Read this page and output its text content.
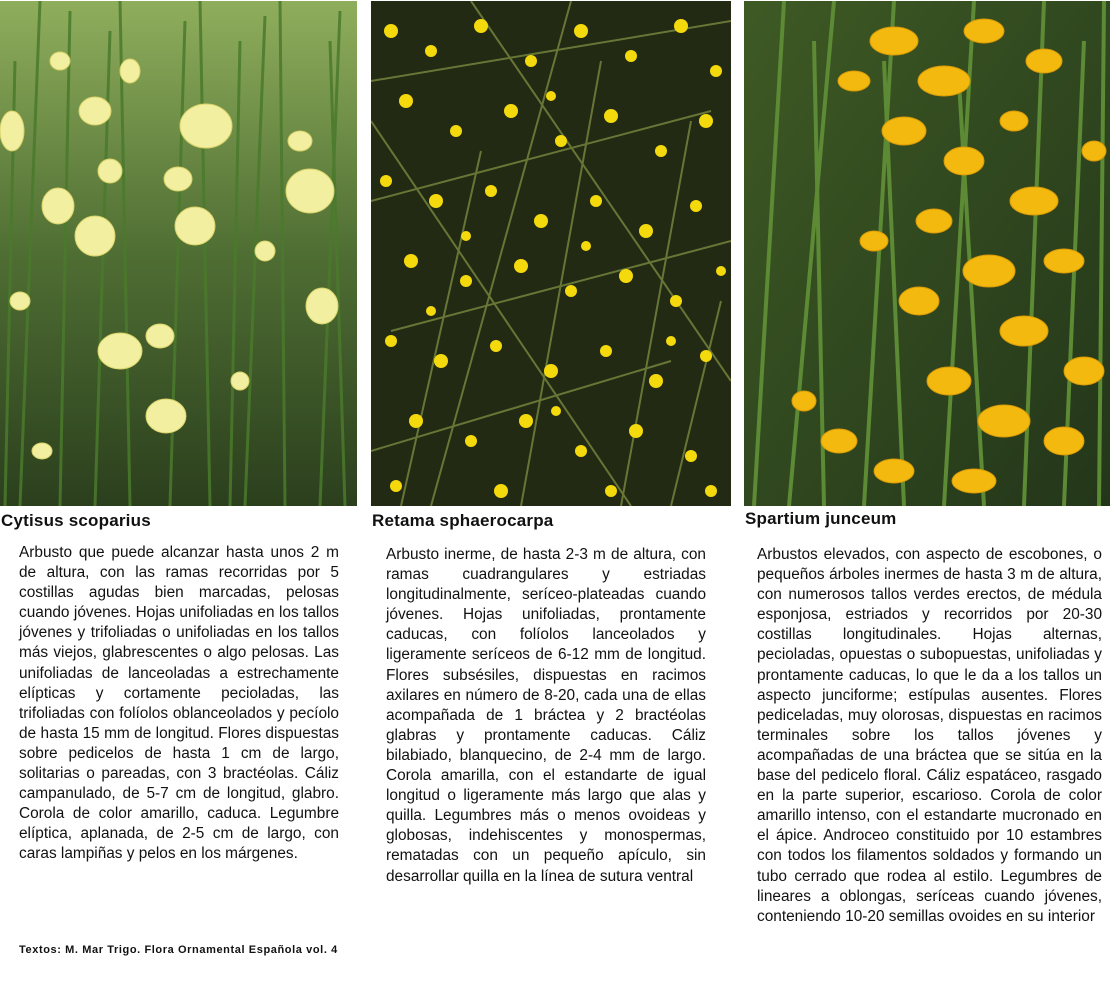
Cytisus scoparius

Arbusto que puede alcanzar hasta unos 2 m de altura, con las ramas recorridas por 5 costillas agudas bien marcadas, pelosas cuando jóvenes. Hojas unifoliadas en los tallos jóvenes y trifoliadas o unifoliadas en los tallos más viejos, glabrescentes o algo pelosas. Las unifoliadas de lanceoladas a estrechamente elípticas y cortamente pecioladas, las trifoliadas con folíolos oblanceolados y pecíolo de hasta 15 mm de longitud. Flores dispuestas sobre pedicelos de hasta 1 cm de largo, solitarias o pareadas, con 3 bractéolas. Cáliz campanulado, de 5-7 cm de longitud, glabro. Corola de color amarillo, caduca. Legumbre elíptica, aplanada, de 2-5 cm de largo, con caras lampiñas y pelos en los márgenes.

Retama sphaerocarpa

Arbusto inerme, de hasta 2-3 m de altura, con ramas cuadrangulares y estriadas longitudinalmente, seríceo-plateadas cuando jóvenes. Hojas unifoliadas, prontamente caducas, con folíolos lanceolados y ligeramente seríceos de 6-12 mm de longitud. Flores subsésiles, dispuestas en racimos axilares en número de 8-20, cada una de ellas acompañada de 1 bráctea y 2 bractéolas glabras y prontamente caducas. Cáliz bilabiado, blanquecino, de 2-4 mm de largo. Corola amarilla, con el estandarte de igual longitud o ligeramente más largo que alas y quilla. Legumbres más o menos ovoideas y globosas, indehiscentes y monospermas, rematadas con un pequeño apículo, sin desarrollar quilla en la línea de sutura ventral

Spartium junceum

Arbustos elevados, con aspecto de escobones, o pequeños árboles inermes de hasta 3 m de altura, con numerosos tallos verdes erectos, de médula esponjosa, estriados y recorridos por 20-30 costillas longitudinales. Hojas alternas, pecioladas, opuestas o subopuestas, unifoliadas y prontamente caducas, lo que le da a los tallos un aspecto junciforme; estípulas ausentes. Flores pediceladas, muy olorosas, dispuestas en racimos terminales sobre los tallos jóvenes y acompañadas de una bráctea que se sitúa en la base del pedicelo floral. Cáliz espatáceo, rasgado en la parte superior, escarioso. Corola de color amarillo intenso, con el estandarte mucronado en el ápice. Androceo constituido por 10 estambres con todos los filamentos soldados y formando un tubo cerrado que rodea al estilo. Legumbres de lineares a oblongas, seríceas cuando jóvenes, conteniendo 10-20 semillas ovoides en su interior

Textos: M. Mar Trigo. Flora Ornamental Española vol. 4
